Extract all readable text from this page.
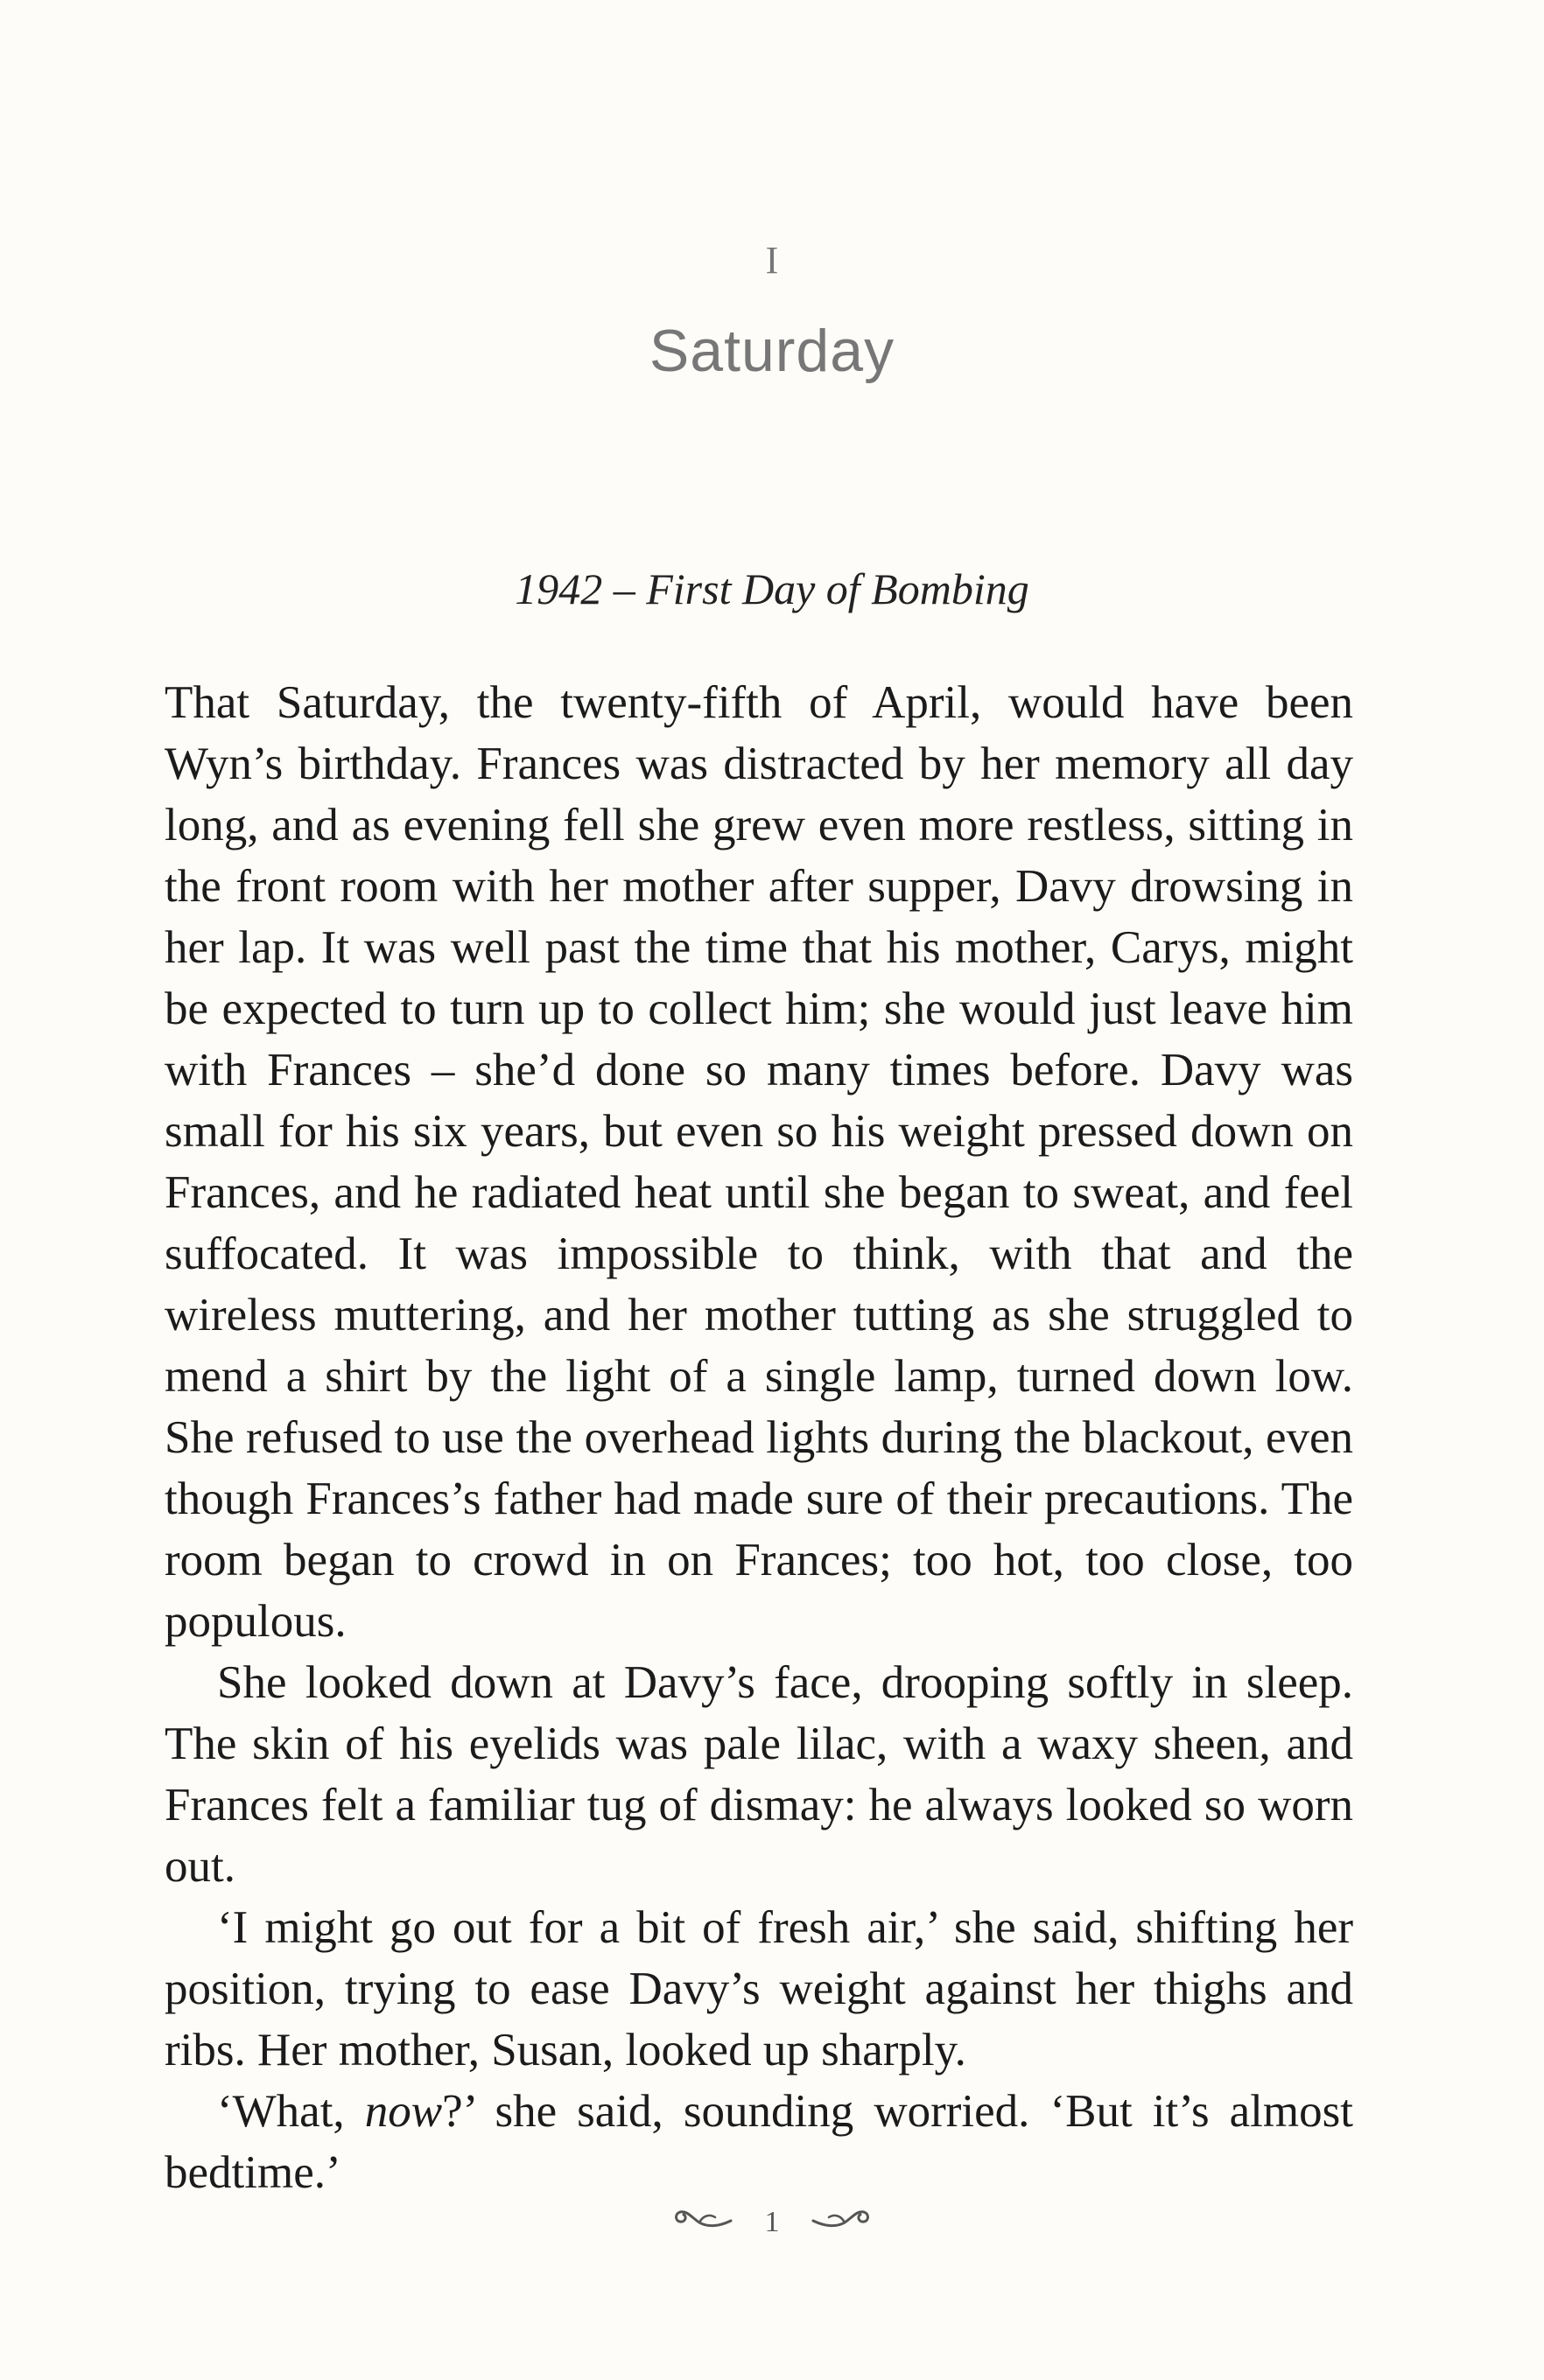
I
Saturday
1942 – First Day of Bombing

That Saturday, the twenty-fifth of April, would have been Wyn’s birthday. Frances was distracted by her memory all day long, and as evening fell she grew even more restless, sitting in the front room with her mother after supper, Davy drowsing in her lap. It was well past the time that his mother, Carys, might be expected to turn up to collect him; she would just leave him with Frances – she’d done so many times before. Davy was small for his six years, but even so his weight pressed down on Frances, and he radiated heat until she began to sweat, and feel suffocated. It was impossible to think, with that and the wireless muttering, and her mother tutting as she struggled to mend a shirt by the light of a single lamp, turned down low. She refused to use the overhead lights during the blackout, even though Frances’s father had made sure of their precautions. The room began to crowd in on Frances; too hot, too close, too populous.

She looked down at Davy’s face, drooping softly in sleep. The skin of his eyelids was pale lilac, with a waxy sheen, and Frances felt a familiar tug of dismay: he always looked so worn out.

‘I might go out for a bit of fresh air,’ she said, shifting her position, trying to ease Davy’s weight against her thighs and ribs. Her mother, Susan, looked up sharply.

‘What, now?’ she said, sounding worried. ‘But it’s almost bedtime.’

1
